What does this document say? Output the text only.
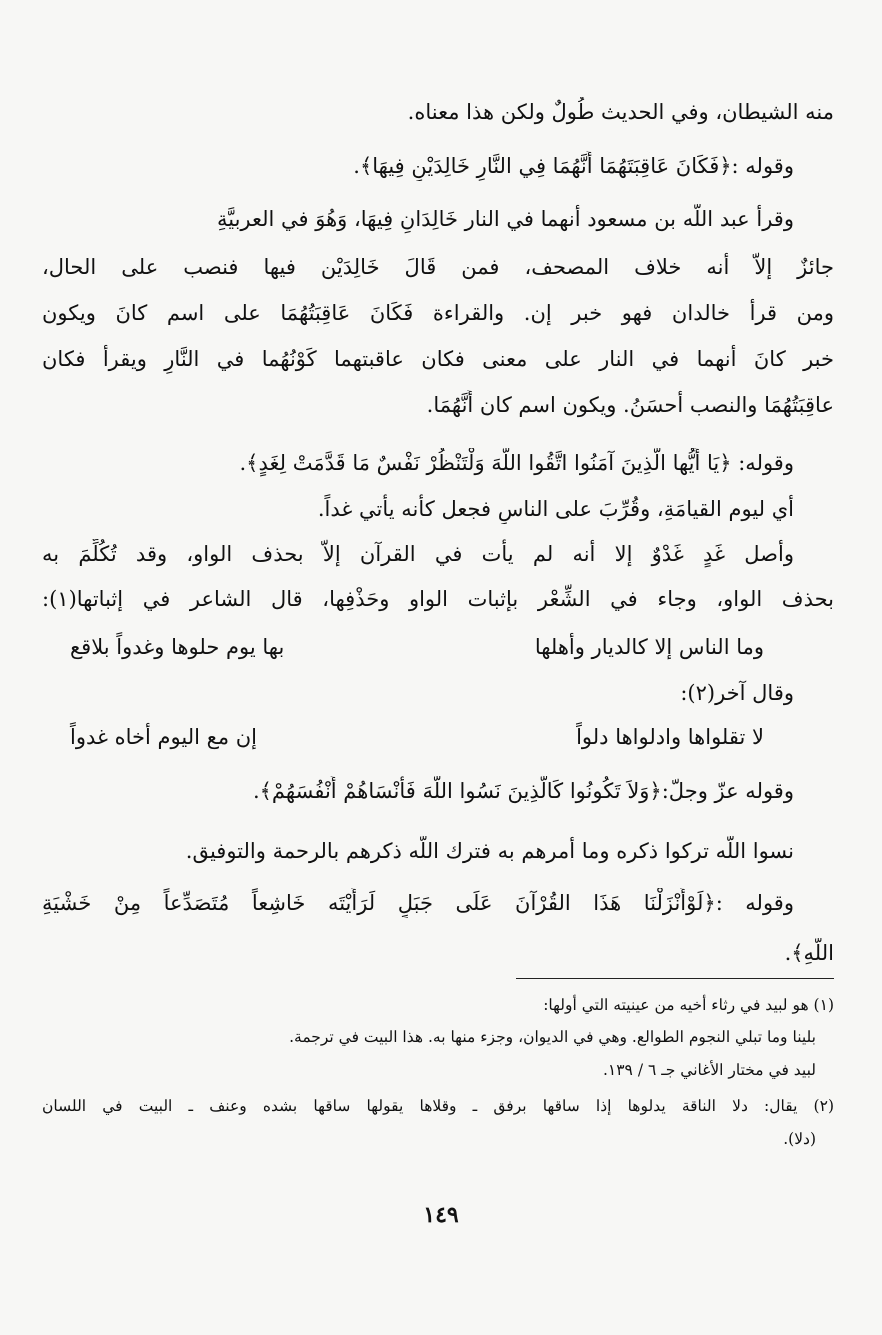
منه الشيطان، وفي الحديث طُولٌ ولكن هذا معناه.
وقوله :﴿فَكَانَ عَاقِبَتَهُمَا أَنَّهُمَا فِي النَّارِ خَالِدَيْنِ فِيهَا﴾.
وقرأ عبد اللّه بن مسعود أنهما في النار خَالِدَانِ فِيهَا، وَهُوَ في العربيَّةِ
جائزٌ إلاّ أنه خلاف المصحف، فمن قَالَ خَالِدَيْن فيها فنصب على الحال،
ومن قرأ خالدان فهو خبر إن. والقراءة فَكَانَ عَاقِبَتُهُمَا على اسم كانَ ويكون
خبر كانَ أنهما في النار على معنى فكان عاقبتهما كَوْنُهُما في النَّارِ ويقرأ فكان
عاقِبَتُهُمَا والنصب أحسَنُ. ويكون اسم كان أَنَّهُمَا.
وقوله: ﴿يَا أَيُّها الَّذِينَ آمَنُوا اتَّقُوا اللَّهَ وَلْتَنْظُرْ نَفْسٌ مَا قَدَّمَتْ لِغَدٍ﴾.
أي ليوم القيامَةِ، وقُرِّبَ على الناسِ فجعل كأنه يأتي غداً.
وأصل غَدٍ غَدْوٌ إلا أنه لم يأت في القرآن إلاّ بحذف الواو، وقد تُكُلِّمَ به
بحذف الواو، وجاء في الشِّعْر بإثبات الواو وحَذْفِها، قال الشاعر في إثباتها(١):
وما الناس إلا كالديار وأهلها
بها يوم حلوها وغدواً بلاقع
وقال آخر(٢):
لا تقلواها وادلواها دلواً
إن مع اليوم أخاه غدواً
وقوله عزّ وجلّ:﴿وَلاَ تَكُونُوا كَالَّذِينَ نَسُوا اللَّهَ فَأَنْسَاهُمْ أَنْفُسَهُمْ﴾.
نسوا اللّه تركوا ذكره وما أمرهم به فترك اللّه ذكرهم بالرحمة والتوفيق.
وقوله :﴿لَوْأَنْزَلْنَا هَذَا القُرْآنَ عَلَى جَبَلٍ لَرَأَيْتَه خَاشِعاً مُتَصَدِّعاً مِنْ خَشْيَةِ
اللَّهِ﴾.
(١) هو لبيد في رثاء أخيه من عينيته التي أولها:
بلينا وما تبلي النجوم الطوالع. وهي في الديوان، وجزء منها به. هذا البيت في ترجمة.
لبيد في مختار الأغاني جـ ٦ / ١٣٩.
(٢) يقال: دلا الناقة يدلوها إذا ساقها برفق ـ وقلاها يقولها ساقها بشده وعنف ـ البيت في اللسان
(دلا).
١٤٩
